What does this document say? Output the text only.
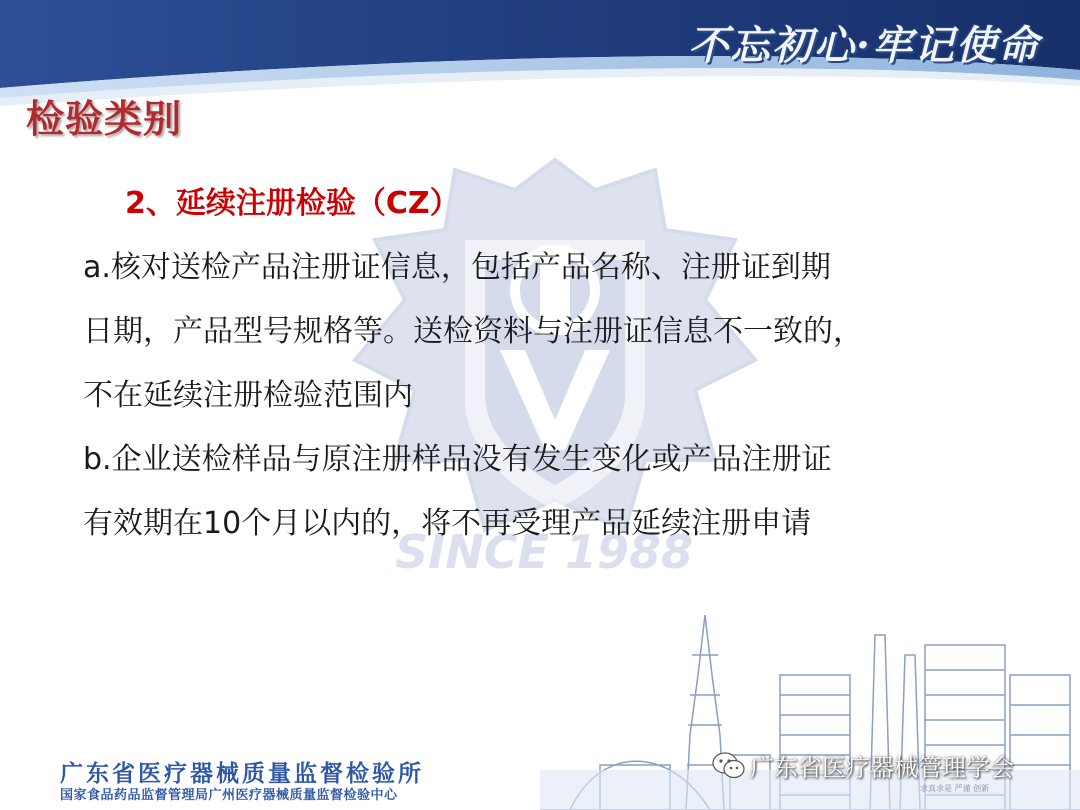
不忘初心·牢记使命
检验类别
SINCE 1988
2、延续注册检验（CZ）
a.核对送检产品注册证信息，包括产品名称、注册证到期
日期，产品型号规格等。送检资料与注册证信息不一致的，
不在延续注册检验范围内
b.企业送检样品与原注册样品没有发生变化或产品注册证
有效期在10个月以内的，将不再受理产品延续注册申请
广东省医疗器械质量监督检验所
国家食品药品监督管理局广州医疗器械质量监督检验中心	求真求是 严谨 创新
广东省医疗器械管理学会
